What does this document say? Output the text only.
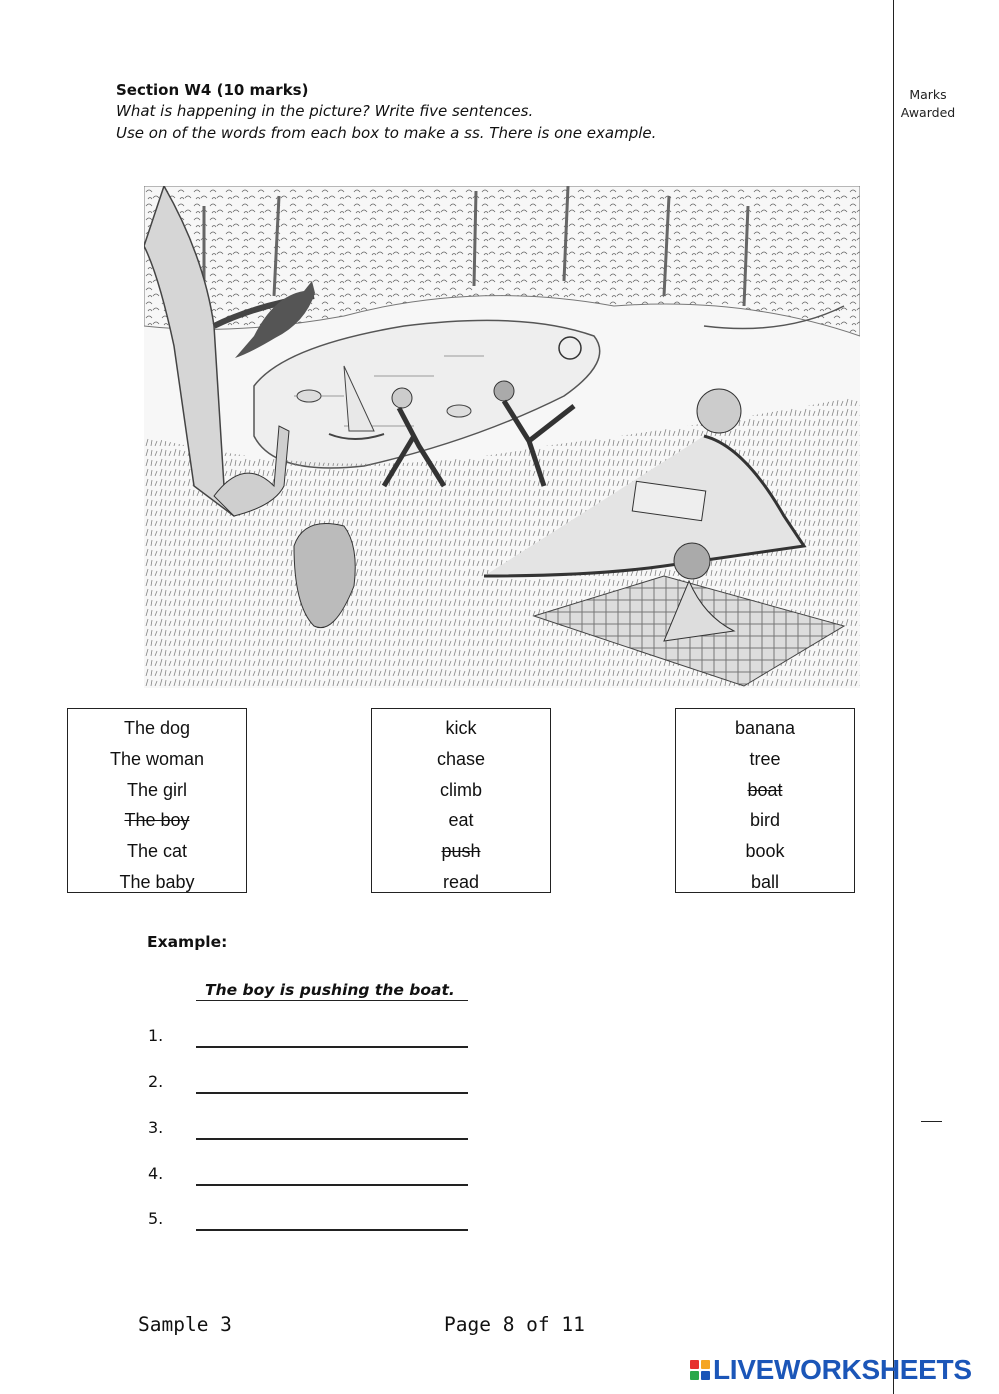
Marks
Awarded
Section W4 (10 marks)
What is happening in the picture? Write five sentences.
Use on of the words from each box to make a ss. There is one example.
The dog
The woman
The girl
The boy
The cat
The baby
kick
chase
climb
eat
push
read
banana
tree
boat
bird
book
ball
Example:
The boy is pushing the boat.
1.
2.
3.
4.
5.
Sample 3	Page 8 of 11
LIVEWORKSHEETS
